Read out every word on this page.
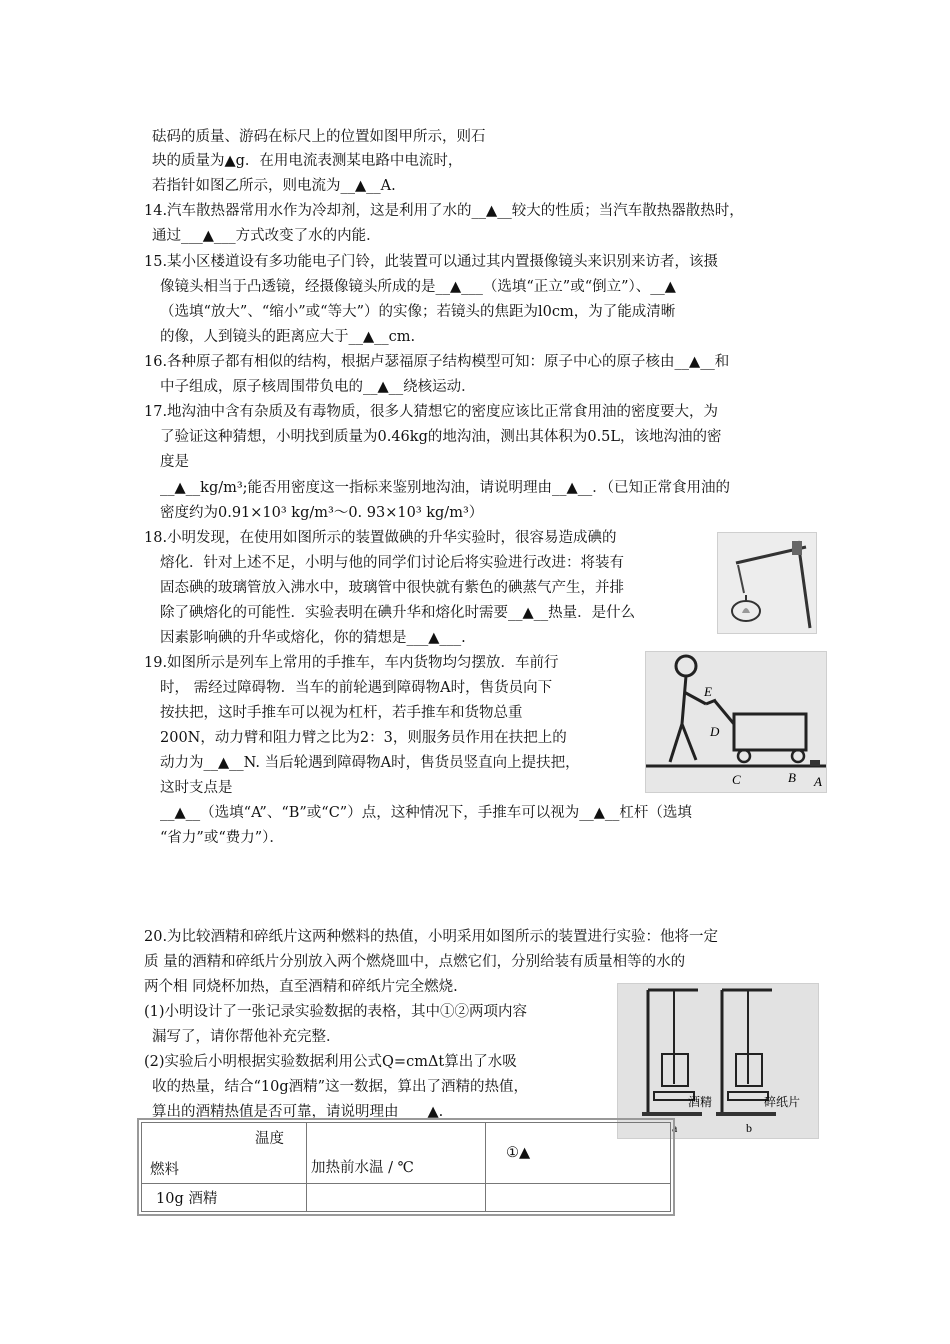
砝码的质量、游码在标尺上的位置如图甲所示，则石
块的质量为▲g．在用电流表测某电路中电流时，
若指针如图乙所示，则电流为__▲__A.
14.汽车散热器常用水作为冷却剂，这是利用了水的__▲__较大的性质；当汽车散热器散热时，
通过___▲___方式改变了水的内能．
15.某小区楼道设有多功能电子门铃，此装置可以通过其内置摄像镜头来识别来访者，该摄
像镜头相当于凸透镜，经摄像镜头所成的是__▲___（选填“正立”或“倒立”）、__▲
（选填“放大”、“缩小”或“等大”）的实像；若镜头的焦距为l0cm，为了能成清晰
的像，人到镜头的距离应大于__▲__cm.
16.各种原子都有相似的结构，根据卢瑟福原子结构模型可知：原子中心的原子核由__▲__和
中子组成，原子核周围带负电的__▲__绕核运动．
17.地沟油中含有杂质及有毒物质，很多人猜想它的密度应该比正常食用油的密度要大，为
了验证这种猜想，小明找到质量为0.46kg的地沟油，测出其体积为0.5L，该地沟油的密
度是
__▲__kg/m³;能否用密度这一指标来鉴别地沟油，请说明理由__▲__．（已知正常食用油的
密度约为0.91×10³ kg/m³～0. 93×10³ kg/m³）
18.小明发现，在使用如图所示的装置做碘的升华实验时，很容易造成碘的
熔化．针对上述不足，小明与他的同学们讨论后将实验进行改进：将装有
固态碘的玻璃管放入沸水中，玻璃管中很快就有紫色的碘蒸气产生，并排
除了碘熔化的可能性．实验表明在碘升华和熔化时需要__▲__热量．是什么
因素影响碘的升华或熔化，你的猜想是___▲___.
19.如图所示是列车上常用的手推车，车内货物均匀摆放．车前行
时， 需经过障碍物．当车的前轮遇到障碍物A时，售货员向下
按扶把，这时手推车可以视为杠杆，若手推车和货物总重
200N，动力臂和阻力臂之比为2：3，则服务员作用在扶把上的
动力为__▲__N. 当后轮遇到障碍物A时，售货员竖直向上提扶把，
这时支点是
__▲__（选填“A”、“B”或“C”）点，这种情况下，手推车可以视为__▲__杠杆（选填
“省力”或“费力”）．
20.为比较酒精和碎纸片这两种燃料的热值，小明采用如图所示的装置进行实验：他将一定
质 量的酒精和碎纸片分别放入两个燃烧皿中，点燃它们，分别给装有质量相等的水的
两个相 同烧杯加热，直至酒精和碎纸片完全燃烧.
(1)小明设计了一张记录实验数据的表格，其中①②两项内容
漏写了，请你帮他补充完整．
(2)实验后小明根据实验数据利用公式Q=cmΔt算出了水吸
收的热量，结合“10g酒精”这一数据，算出了酒精的热值，
算出的酒精热值是否可靠，请说明理由____▲.
E
D
C	B A
酒精	碎纸片
a	b
温度
燃料	加热前水温 / ℃	①▲
10g 酒精		
